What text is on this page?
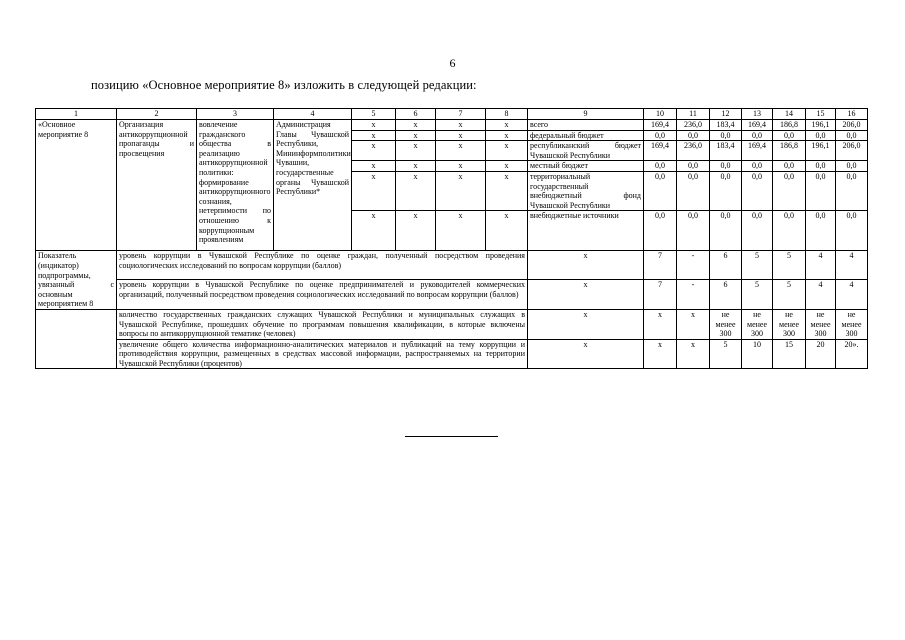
6
позицию «Основное мероприятие 8» изложить в следующей редакции:
1	2	3	4	5	6	7	8	9	10	11	12	13	14	15	16
«Основное мероприятие 8	Организация антикоррупционной пропаганды и просвещения	вовлечение гражданского общества в реализацию антикоррупционной политики: формирование антикоррупционного сознания, нетерпимости по отношению к коррупционным проявлениям	Администрация Главы Чувашской Республики, Мининформполитики Чувашии, государственные органы Чувашской Республики*	x	x	x	x	всего	169,4	236,0	183,4	169,4	186,8	196,1	206,0
				x	x	x	x	федеральный бюджет	0,0	0,0	0,0	0,0	0,0	0,0	0,0
				x	x	x	x	республиканский бюджет Чувашской Республики	169,4	236,0	183,4	169,4	186,8	196,1	206,0
				x	x	x	x	местный бюджет	0,0	0,0	0,0	0,0	0,0	0,0	0,0
				x	x	x	x	территориальный государственный внебюджетный фонд Чувашской Республики	0,0	0,0	0,0	0,0	0,0	0,0	0,0
				x	x	x	x	внебюджетные источники	0,0	0,0	0,0	0,0	0,0	0,0	0,0
Показатель (индикатор) подпрограммы, увязанный с основным мероприятием 8	уровень коррупции в Чувашской Республике по оценке граждан, полученный посредством проведения социологических исследований по вопросам коррупции (баллов)							x	7	-	6	5	5	4	4
	уровень коррупции в Чувашской Республике по оценке предпринимателей и руководителей коммерческих организаций, полученный посредством проведения социологических исследований по вопросам коррупции (баллов)							x	7	-	6	5	5	4	4
	количество государственных гражданских служащих Чувашской Республики и муниципальных служащих в Чувашской Республике, прошедших обучение по программам повышения квалификации, в которые включены вопросы по антикоррупционной тематике (человек)							x	x	x	не менее 300	не менее 300	не менее 300	не менее 300	не менее 300
	увеличение общего количества информационно-аналитических материалов и публикаций на тему коррупции и противодействия коррупции, размещенных в средствах массовой информации, распространяемых на территории Чувашской Республики (процентов)							x	x	x	5	10	15	20	20».
